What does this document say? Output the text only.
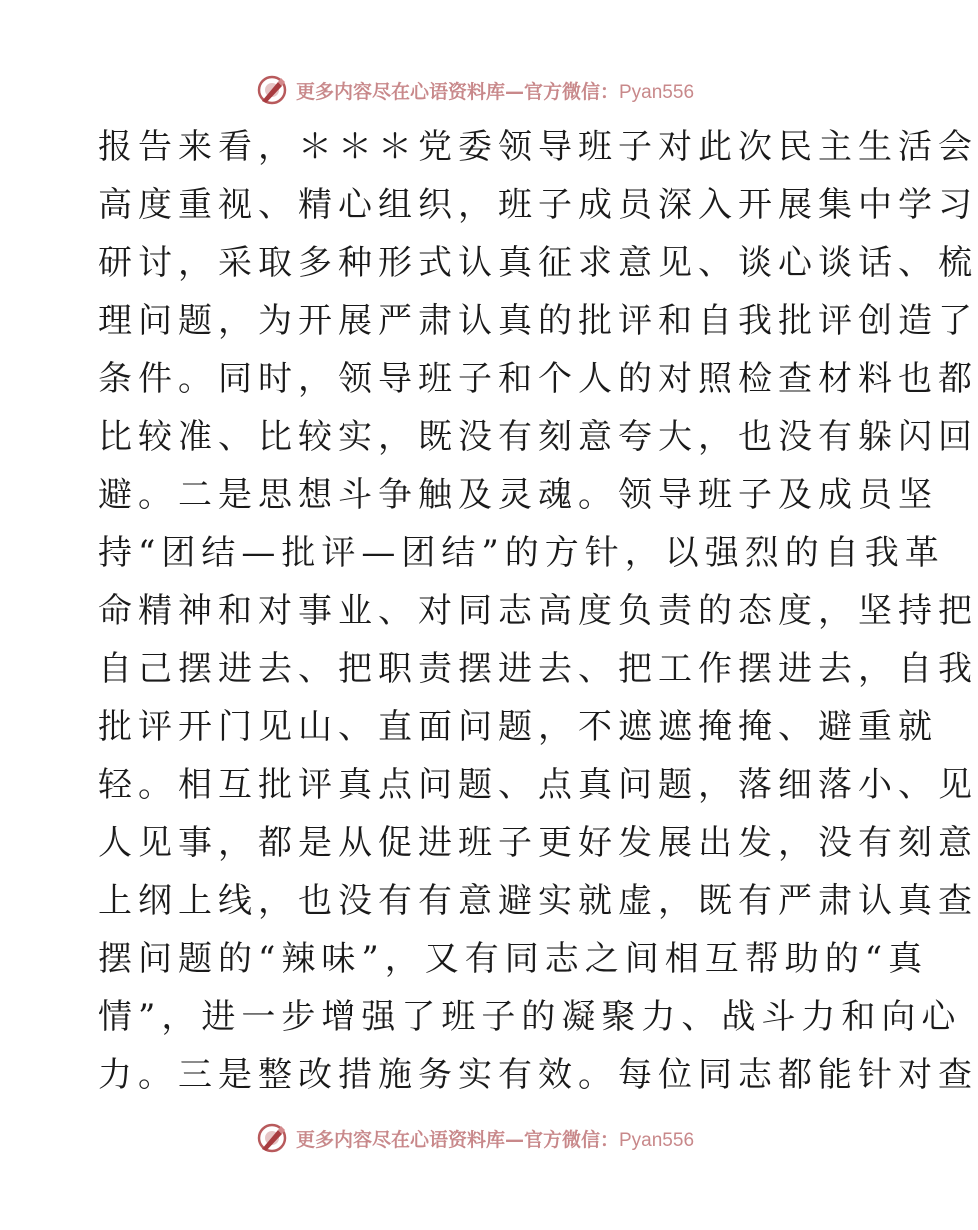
更多内容尽在心语资料库—官方微信：Pyan556
报告来看，＊＊＊党委领导班子对此次民主生活会
高度重视、精心组织，班子成员深入开展集中学习
研讨，采取多种形式认真征求意见、谈心谈话、梳
理问题，为开展严肃认真的批评和自我批评创造了
条件。同时，领导班子和个人的对照检查材料也都
比较准、比较实，既没有刻意夸大，也没有躲闪回
避。二是思想斗争触及灵魂。领导班子及成员坚
持“团结—批评—团结”的方针，以强烈的自我革
命精神和对事业、对同志高度负责的态度，坚持把
自己摆进去、把职责摆进去、把工作摆进去，自我
批评开门见山、直面问题，不遮遮掩掩、避重就
轻。相互批评真点问题、点真问题，落细落小、见
人见事，都是从促进班子更好发展出发，没有刻意
上纲上线，也没有有意避实就虚，既有严肃认真查
摆问题的“辣味”，又有同志之间相互帮助的“真
情”，进一步增强了班子的凝聚力、战斗力和向心
力。三是整改措施务实有效。每位同志都能针对查
更多内容尽在心语资料库—官方微信：Pyan556
